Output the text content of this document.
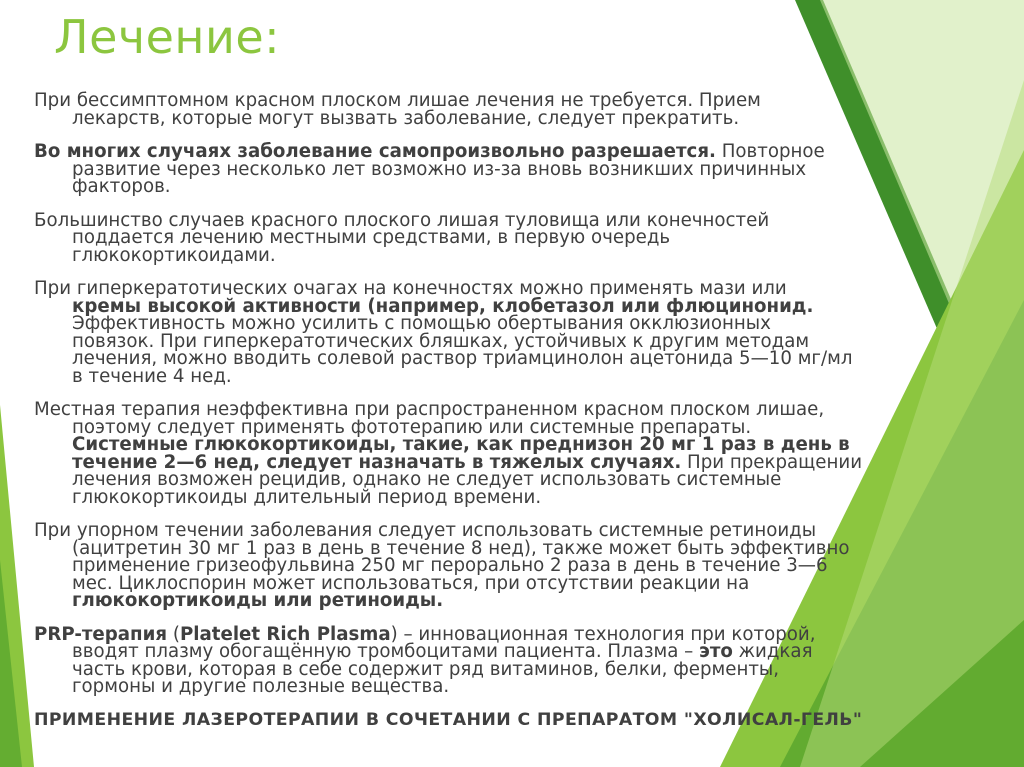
Лечение:
При бессимптомном красном плоском лишае лечения не требуется. Прием
лекарств, которые могут вызвать заболевание, следует прекратить.
Во многих случаях заболевание самопроизвольно разрешается. Повторное
развитие через несколько лет возможно из-за вновь возникших причинных
факторов.
Большинство случаев красного плоского лишая туловища или конечностей
поддается лечению местными средствами, в первую очередь
глюкокортикоидами.
При гиперкератотических очагах на конечностях можно применять мази или
кремы высокой активности (например, клобетазол или флюцинонид.
Эффективность можно усилить с помощью обертывания окклюзионных
повязок. При гиперкератотических бляшках, устойчивых к другим методам
лечения, можно вводить солевой раствор триамцинолон ацетонида 5—10 мг/мл
в течение 4 нед.
Местная терапия неэффективна при распространенном красном плоском лишае,
поэтому следует применять фототерапию или системные препараты.
Системные глюкокортикоиды, такие, как преднизон 20 мг 1 раз в день в
течение 2—6 нед, следует назначать в тяжелых случаях. При прекращении
лечения возможен рецидив, однако не следует использовать системные
глюкокортикоиды длительный период времени.
При упорном течении заболевания следует использовать системные ретиноиды
(ацитретин 30 мг 1 раз в день в течение 8 нед), также может быть эффективно
применение гризеофульвина 250 мг перорально 2 раза в день в течение 3—6
мес. Циклоспорин может использоваться, при отсутствии реакции на
глюкокортикоиды или ретиноиды.
PRP-терапия (Platelet Rich Plasma) – инновационная технология при которой,
вводят плазму обогащённую тромбоцитами пациента. Плазма – это жидкая
часть крови, которая в себе содержит ряд витаминов, белки, ферменты,
гормоны и другие полезные вещества.

ПРИМЕНЕНИЕ ЛАЗЕРОТЕРАПИИ В СОЧЕТАНИИ С ПРЕПАРАТОМ "ХОЛИСАЛ-ГЕЛЬ"
